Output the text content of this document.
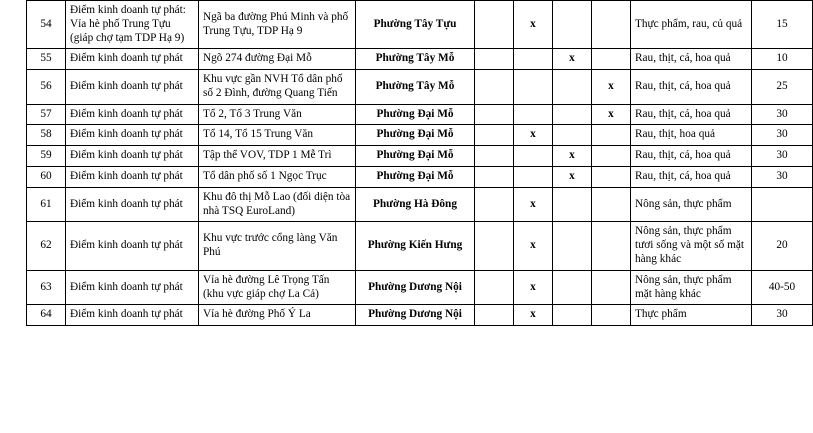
54	Điểm kinh doanh tự phát: Vỉa hè phố Trung Tựu (giáp chợ tạm TDP Hạ 9)	Ngã ba đường Phú Minh và phố Trung Tựu, TDP Hạ 9	Phường Tây Tựu		x			Thực phẩm, rau, củ quả	15
55	Điểm kinh doanh tự phát	Ngõ 274 đường Đại Mỗ	Phường Tây Mỗ			x		Rau, thịt, cá, hoa quả	10
56	Điểm kinh doanh tự phát	Khu vực gần NVH Tổ dân phố số 2 Đình, đường Quang Tiến	Phường Tây Mỗ				x	Rau, thịt, cá, hoa quả	25
57	Điểm kinh doanh tự phát	Tổ 2, Tổ 3 Trung Văn	Phường Đại Mỗ				x	Rau, thịt, cá, hoa quả	30
58	Điểm kinh doanh tự phát	Tổ 14, Tổ 15 Trung Văn	Phường Đại Mỗ		x			Rau, thịt, hoa quả	30
59	Điểm kinh doanh tự phát	Tập thể VOV, TDP 1 Mễ Trì	Phường Đại Mỗ			x		Rau, thịt, cá, hoa quả	30
60	Điểm kinh doanh tự phát	Tổ dân phố số 1 Ngọc Trục	Phường Đại Mỗ			x		Rau, thịt, cá, hoa quả	30
61	Điểm kinh doanh tự phát	Khu đô thị Mỗ Lao (đối diện tòa nhà TSQ EuroLand)	Phường Hà Đông		x			Nông sản, thực phẩm	
62	Điểm kinh doanh tự phát	Khu vực trước cổng làng Văn Phú	Phường Kiến Hưng		x			Nông sản, thực phẩm tươi sống và một số mặt hàng khác	20
63	Điểm kinh doanh tự phát	Vỉa hè đường Lê Trọng Tấn (khu vực giáp chợ La Cả)	Phường Dương Nội		x			Nông sản, thực phẩm mặt hàng khác	40-50
64	Điểm kinh doanh tự phát	Vỉa hè đường Phố Ý La	Phường Dương Nội		x			Thực phẩm	30
